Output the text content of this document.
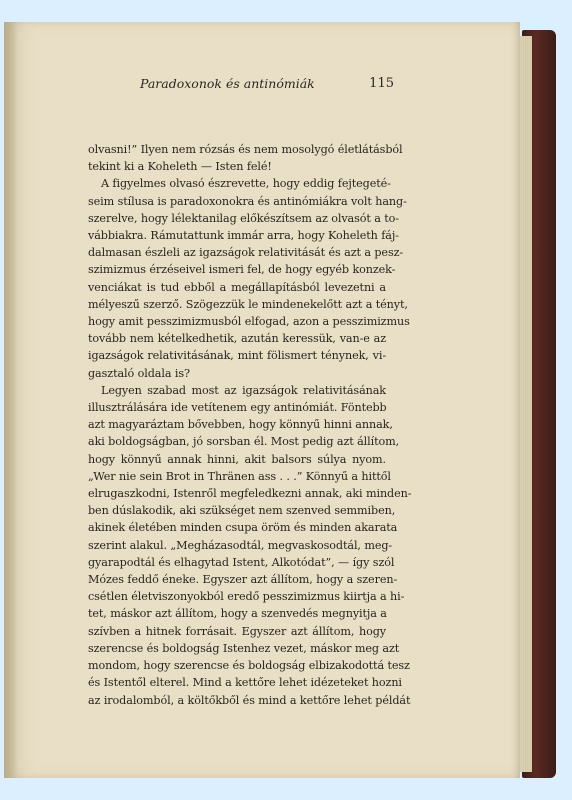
Paradoxonok és antinómiák	115
olvasni!” Ilyen nem rózsás és nem mosolygó életlátásból
tekint ki a Koheleth — Isten felé!
A figyelmes olvasó észrevette, hogy eddig fejtegeté-
seim stílusa is paradoxonokra és antinómiákra volt hang-
szerelve, hogy lélektanilag előkészítsem az olvasót a to-
vábbiakra. Rámutattunk immár arra, hogy Koheleth fáj-
dalmasan észleli az igazságok relativitását és azt a pesz-
szimizmus érzéseivel ismeri fel, de hogy egyéb konzek-
venciákat is tud ebből a megállapításból levezetni a
mélyeszű szerző. Szögezzük le mindenekelőtt azt a tényt,
hogy amit pesszimizmusból elfogad, azon a pesszimizmus
tovább nem kételkedhetik, azután keressük, van-e az
igazságok relativitásának, mint fölismert ténynek, vi-
gasztaló oldala is?
Legyen szabad most az igazságok relativitásának
illusztrálására ide vetítenem egy antinómiát. Föntebb
azt magyaráztam bővebben, hogy könnyű hinni annak,
aki boldogságban, jó sorsban él. Most pedig azt állítom,
hogy könnyű annak hinni, akit balsors súlya nyom.
„Wer nie sein Brot in Thränen ass . . .” Könnyű a hittől
elrugaszkodni, Istenről megfeledkezni annak, aki minden-
ben dúslakodik, aki szükséget nem szenved semmiben,
akinek életében minden csupa öröm és minden akarata
szerint alakul. „Megházasodtál, megvaskosodtál, meg-
gyarapodtál és elhagytad Istent, Alkotódat”, — így szól
Mózes feddő éneke. Egyszer azt állítom, hogy a szeren-
csétlen életviszonyokból eredő pesszimizmus kiirtja a hi-
tet, máskor azt állítom, hogy a szenvedés megnyitja a
szívben a hitnek forrásait. Egyszer azt állítom, hogy
szerencse és boldogság Istenhez vezet, máskor meg azt
mondom, hogy szerencse és boldogság elbizakodottá tesz
és Istentől elterel. Mind a kettőre lehet idézeteket hozni
az irodalomból, a költőkből és mind a kettőre lehet példát
